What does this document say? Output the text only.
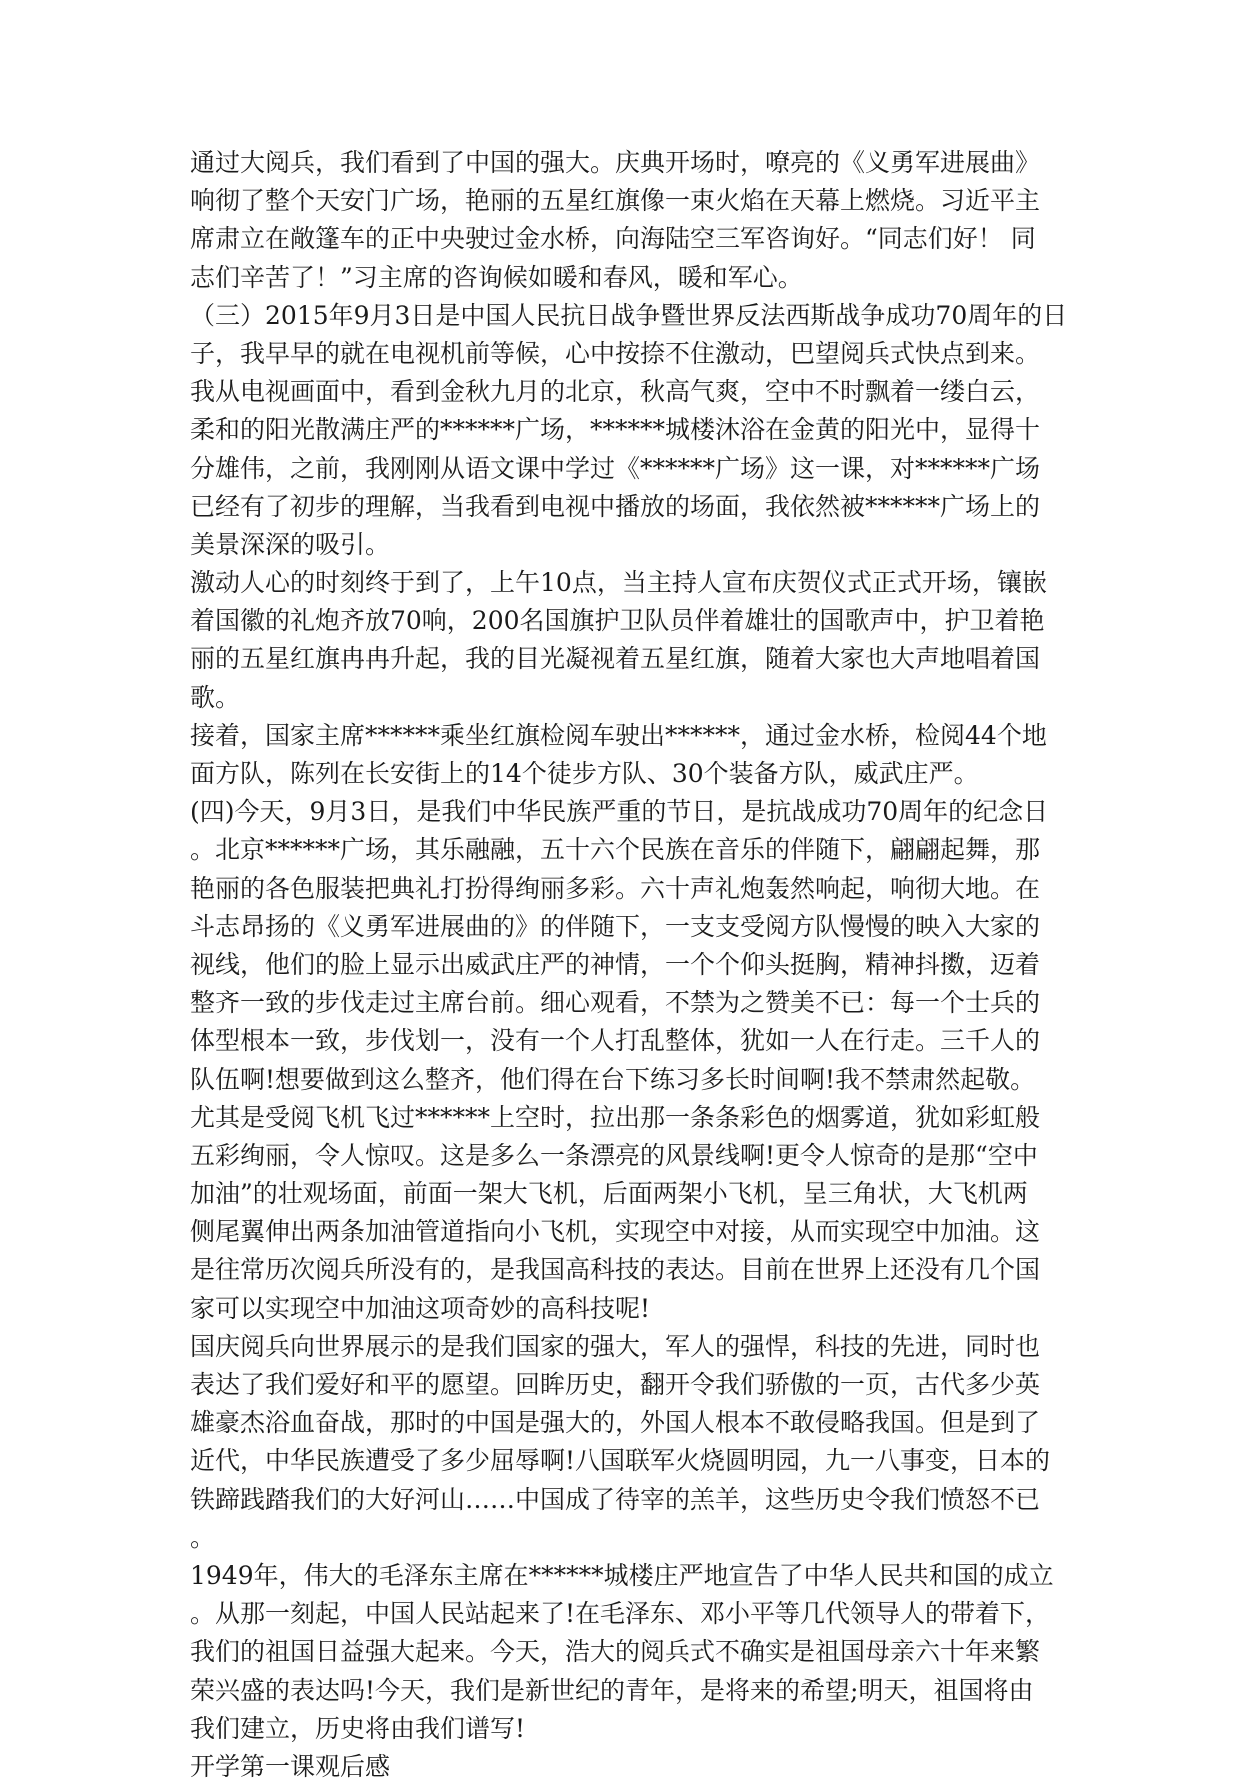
通过大阅兵，我们看到了中国的强大。庆典开场时，嘹亮的《义勇军进展曲》
响彻了整个天安门广场，艳丽的五星红旗像一束火焰在天幕上燃烧。习近平主
席肃立在敞篷车的正中央驶过金水桥，向海陆空三军咨询好。“同志们好！ 同
志们辛苦了！”习主席的咨询候如暖和春风，暖和军心。
（三）2015年9月3日是中国人民抗日战争暨世界反法西斯战争成功70周年的日
子，我早早的就在电视机前等候，心中按捺不住激动，巴望阅兵式快点到来。
我从电视画面中，看到金秋九月的北京，秋高气爽，空中不时飘着一缕白云，
柔和的阳光散满庄严的******广场，******城楼沐浴在金黄的阳光中，显得十
分雄伟，之前，我刚刚从语文课中学过《******广场》这一课，对******广场
已经有了初步的理解，当我看到电视中播放的场面，我依然被******广场上的
美景深深的吸引。
激动人心的时刻终于到了，上午10点，当主持人宣布庆贺仪式正式开场，镶嵌
着国徽的礼炮齐放70响，200名国旗护卫队员伴着雄壮的国歌声中，护卫着艳
丽的五星红旗冉冉升起，我的目光凝视着五星红旗，随着大家也大声地唱着国
歌。
接着，国家主席******乘坐红旗检阅车驶出******，通过金水桥，检阅44个地
面方队，陈列在长安街上的14个徒步方队、30个装备方队，威武庄严。
(四)今天，9月3日，是我们中华民族严重的节日，是抗战成功70周年的纪念日
。北京******广场，其乐融融，五十六个民族在音乐的伴随下，翩翩起舞，那
艳丽的各色服装把典礼打扮得绚丽多彩。六十声礼炮轰然响起，响彻大地。在
斗志昂扬的《义勇军进展曲的》的伴随下，一支支受阅方队慢慢的映入大家的
视线，他们的脸上显示出威武庄严的神情，一个个仰头挺胸，精神抖擞，迈着
整齐一致的步伐走过主席台前。细心观看，不禁为之赞美不已：每一个士兵的
体型根本一致，步伐划一，没有一个人打乱整体，犹如一人在行走。三千人的
队伍啊!想要做到这么整齐，他们得在台下练习多长时间啊!我不禁肃然起敬。
尤其是受阅飞机飞过******上空时，拉出那一条条彩色的烟雾道，犹如彩虹般
五彩绚丽，令人惊叹。这是多么一条漂亮的风景线啊!更令人惊奇的是那“空中
加油”的壮观场面，前面一架大飞机，后面两架小飞机，呈三角状，大飞机两
侧尾翼伸出两条加油管道指向小飞机，实现空中对接，从而实现空中加油。这
是往常历次阅兵所没有的，是我国高科技的表达。目前在世界上还没有几个国
家可以实现空中加油这项奇妙的高科技呢!
国庆阅兵向世界展示的是我们国家的强大，军人的强悍，科技的先进，同时也
表达了我们爱好和平的愿望。回眸历史，翻开令我们骄傲的一页，古代多少英
雄豪杰浴血奋战，那时的中国是强大的，外国人根本不敢侵略我国。但是到了
近代，中华民族遭受了多少屈辱啊!八国联军火烧圆明园，九一八事变，日本的
铁蹄践踏我们的大好河山……中国成了待宰的羔羊，这些历史令我们愤怒不已
。
1949年，伟大的毛泽东主席在******城楼庄严地宣告了中华人民共和国的成立
。从那一刻起，中国人民站起来了!在毛泽东、邓小平等几代领导人的带着下，
我们的祖国日益强大起来。今天，浩大的阅兵式不确实是祖国母亲六十年来繁
荣兴盛的表达吗!今天，我们是新世纪的青年，是将来的希望;明天，祖国将由
我们建立，历史将由我们谱写!
开学第一课观后感
